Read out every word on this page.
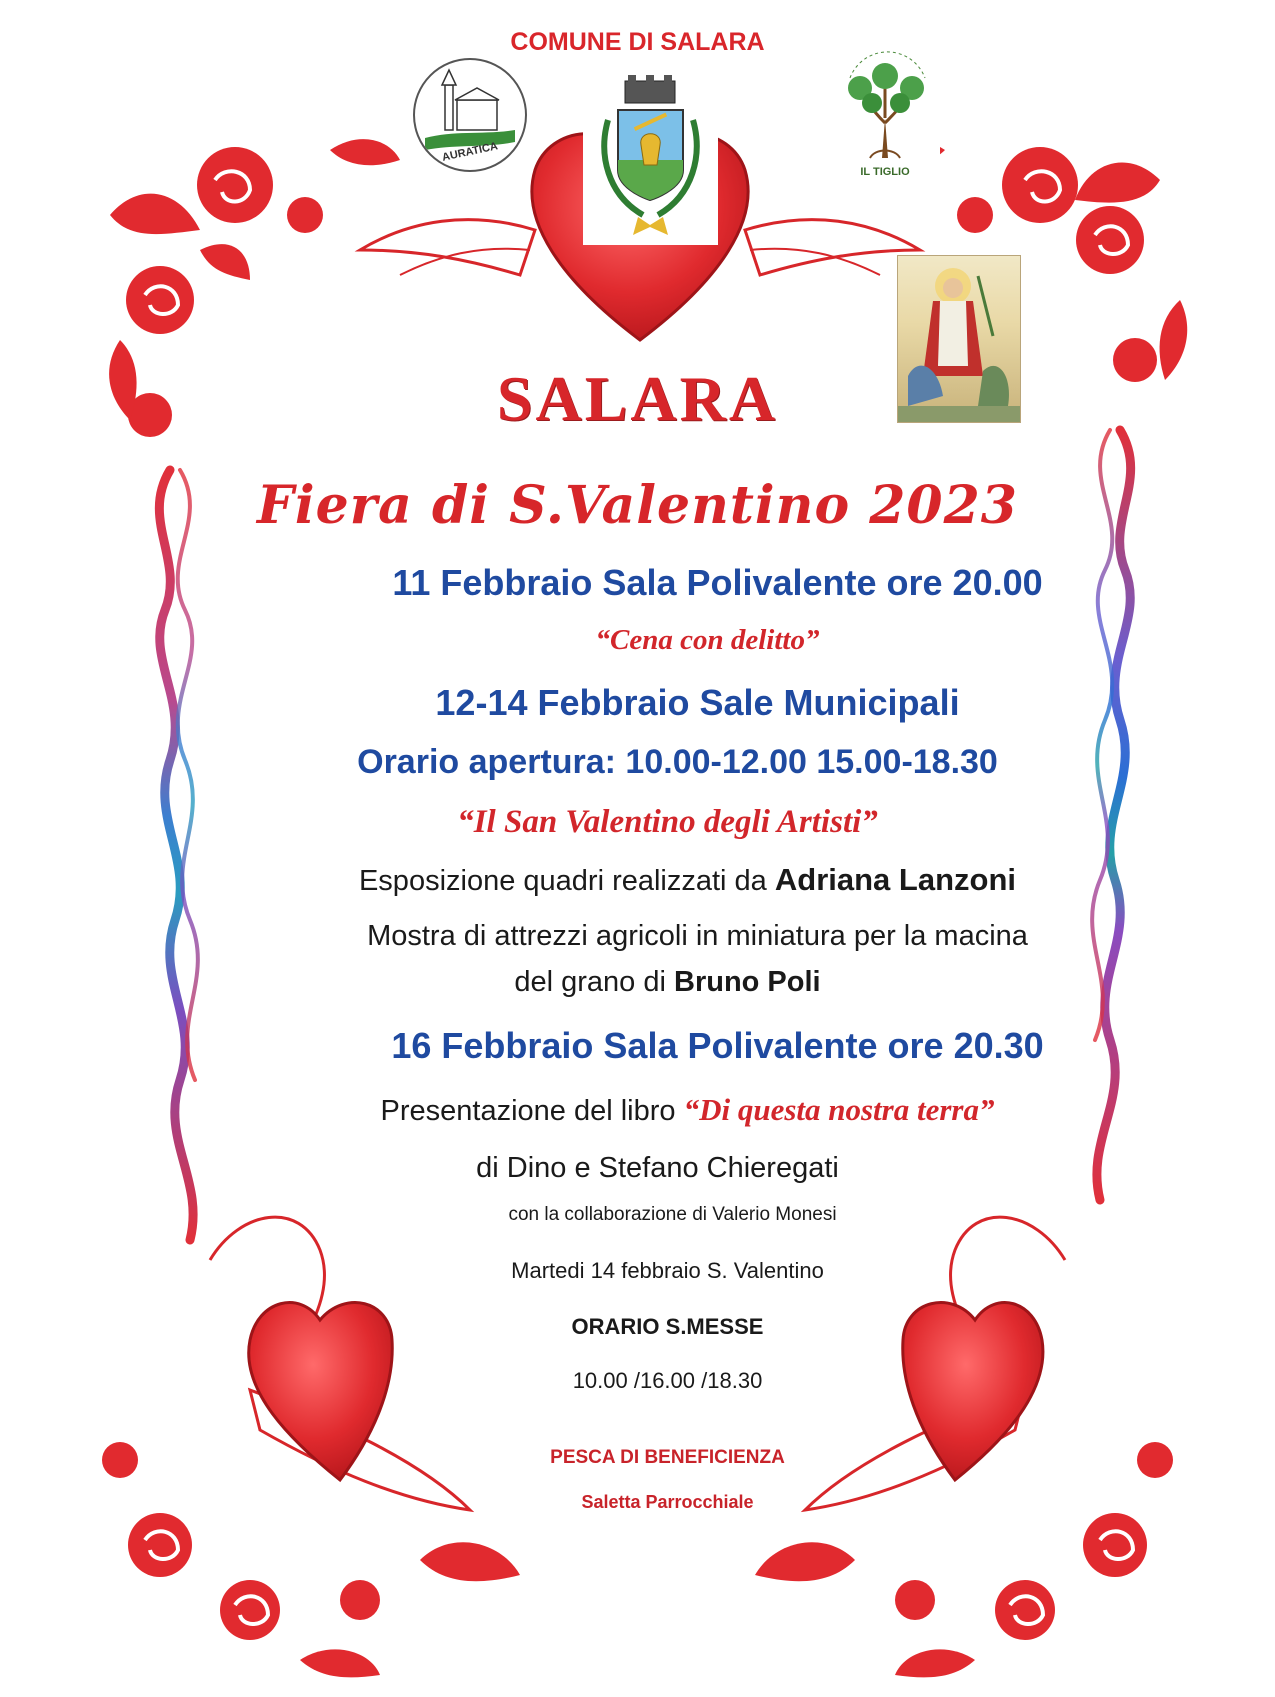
AURATICA
IL TIGLIO
COMUNE DI SALARA
SALARA
Fiera di S.Valentino 2023
11 Febbraio Sala Polivalente ore 20.00
“Cena con delitto”
12-14 Febbraio Sale Municipali
Orario apertura: 10.00-12.00 15.00-18.30
“Il San Valentino degli Artisti”
Esposizione quadri realizzati da Adriana Lanzoni
Mostra di attrezzi agricoli in miniatura per la macina
del grano di Bruno Poli
16 Febbraio Sala Polivalente ore 20.30
Presentazione del libro “Di questa nostra terra”
di Dino e Stefano Chieregati
con la collaborazione di Valerio Monesi
Martedi 14 febbraio S. Valentino
ORARIO S.MESSE
10.00 /16.00 /18.30
PESCA DI BENEFICIENZA
Saletta Parrocchiale
